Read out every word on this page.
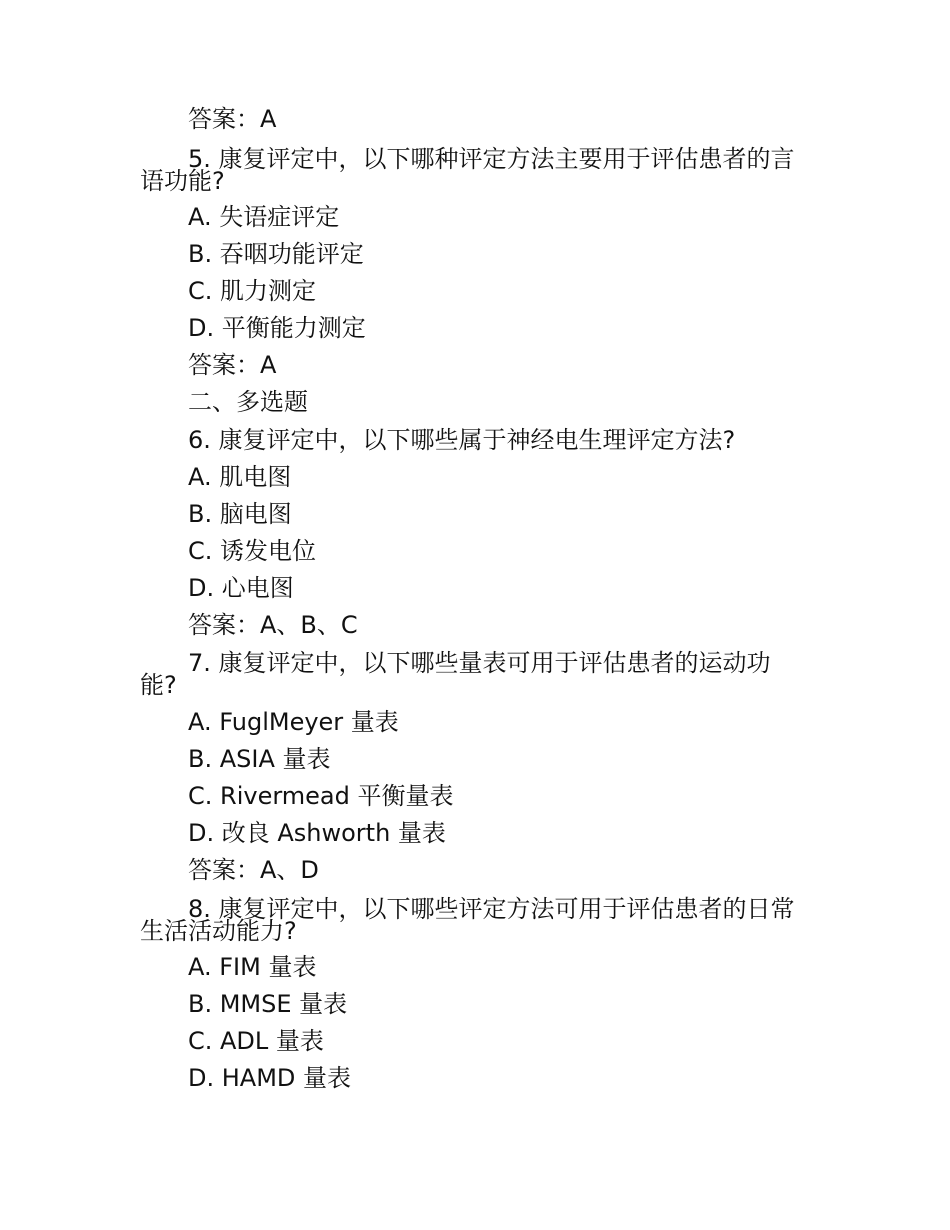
答案：A
5. 康复评定中，以下哪种评定方法主要用于评估患者的言
语功能?
A. 失语症评定
B. 吞咽功能评定
C. 肌力测定
D. 平衡能力测定
答案：A
二、多选题
6. 康复评定中，以下哪些属于神经电生理评定方法?
A. 肌电图
B. 脑电图
C. 诱发电位
D. 心电图
答案：A、B、C
7. 康复评定中，以下哪些量表可用于评估患者的运动功
能?
A. FuglMeyer 量表
B. ASIA 量表
C. Rivermead 平衡量表
D. 改良 Ashworth 量表
答案：A、D
8. 康复评定中，以下哪些评定方法可用于评估患者的日常
生活活动能力?
A. FIM 量表
B. MMSE 量表
C. ADL 量表
D. HAMD 量表
